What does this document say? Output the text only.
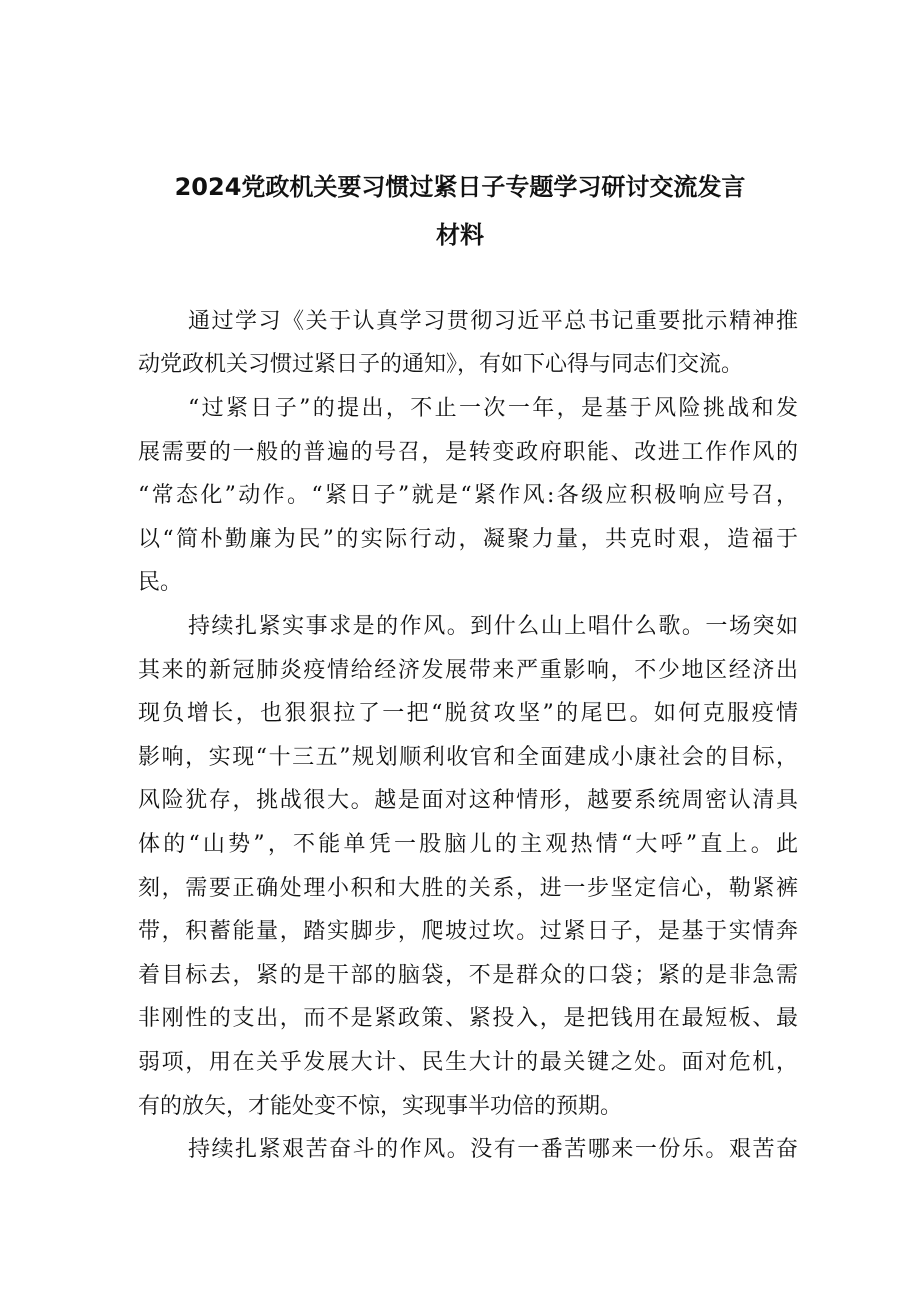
2024党政机关要习惯过紧日子专题学习研讨交流发言
材料
通过学习《关于认真学习贯彻习近平总书记重要批示精神推
动党政机关习惯过紧日子的通知》，有如下心得与同志们交流。
“过紧日子”的提出，不止一次一年，是基于风险挑战和发
展需要的一般的普遍的号召，是转变政府职能、改进工作作风的
“常态化”动作。“紧日子”就是“紧作风:各级应积极响应号召，
以“简朴勤廉为民”的实际行动，凝聚力量，共克时艰，造福于
民。
持续扎紧实事求是的作风。到什么山上唱什么歌。一场突如
其来的新冠肺炎疫情给经济发展带来严重影响，不少地区经济出
现负增长，也狠狠拉了一把“脱贫攻坚”的尾巴。如何克服疫情
影响，实现“十三五”规划顺利收官和全面建成小康社会的目标，
风险犹存，挑战很大。越是面对这种情形，越要系统周密认清具
体的“山势”，不能单凭一股脑儿的主观热情“大呼”直上。此
刻，需要正确处理小积和大胜的关系，进一步坚定信心，勒紧裤
带，积蓄能量，踏实脚步，爬坡过坎。过紧日子，是基于实情奔
着目标去，紧的是干部的脑袋，不是群众的口袋；紧的是非急需
非刚性的支出，而不是紧政策、紧投入，是把钱用在最短板、最
弱项，用在关乎发展大计、民生大计的最关键之处。面对危机，
有的放矢，才能处变不惊，实现事半功倍的预期。
持续扎紧艰苦奋斗的作风。没有一番苦哪来一份乐。艰苦奋
